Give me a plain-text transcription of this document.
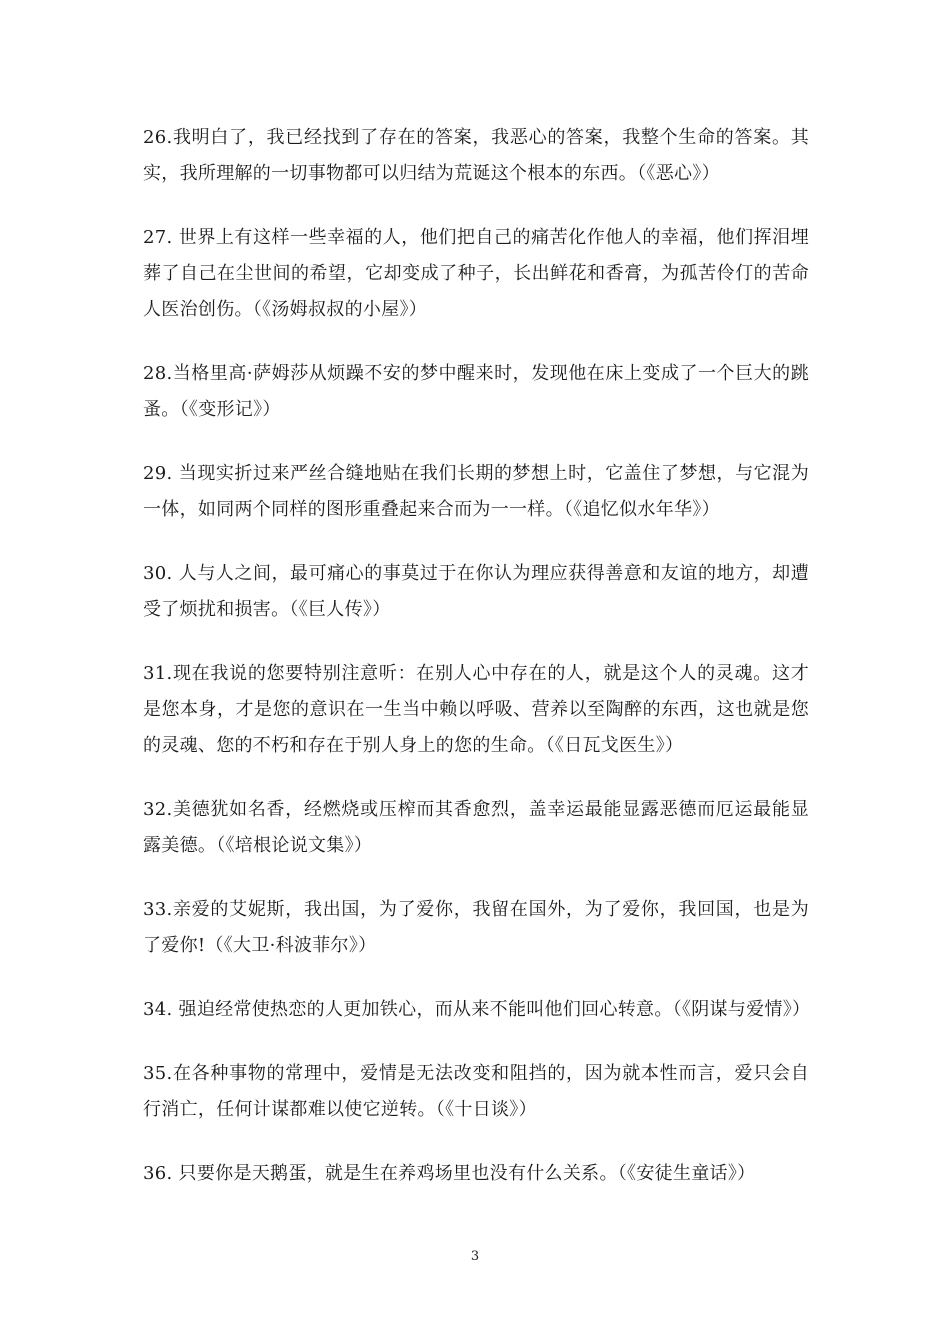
26.我明白了，我已经找到了存在的答案，我恶心的答案，我整个生命的答案。其实，我所理解的一切事物都可以归结为荒诞这个根本的东西。（《恶心》）

27. 世界上有这样一些幸福的人，他们把自己的痛苦化作他人的幸福，他们挥泪埋葬了自己在尘世间的希望，它却变成了种子，长出鲜花和香膏，为孤苦伶仃的苦命人医治创伤。（《汤姆叔叔的小屋》）

28.当格里高·萨姆莎从烦躁不安的梦中醒来时，发现他在床上变成了一个巨大的跳蚤。（《变形记》）

29. 当现实折过来严丝合缝地贴在我们长期的梦想上时，它盖住了梦想，与它混为一体，如同两个同样的图形重叠起来合而为一一样。（《追忆似水年华》）

30. 人与人之间，最可痛心的事莫过于在你认为理应获得善意和友谊的地方，却遭受了烦扰和损害。（《巨人传》）

31.现在我说的您要特别注意听：在别人心中存在的人，就是这个人的灵魂。这才是您本身，才是您的意识在一生当中赖以呼吸、营养以至陶醉的东西，这也就是您的灵魂、您的不朽和存在于别人身上的您的生命。（《日瓦戈医生》）

32.美德犹如名香，经燃烧或压榨而其香愈烈，盖幸运最能显露恶德而厄运最能显露美德。（《培根论说文集》）

33.亲爱的艾妮斯，我出国，为了爱你，我留在国外，为了爱你，我回国，也是为了爱你!（《大卫·科波菲尔》）

34. 强迫经常使热恋的人更加铁心，而从来不能叫他们回心转意。（《阴谋与爱情》）

35.在各种事物的常理中，爱情是无法改变和阻挡的，因为就本性而言，爱只会自行消亡，任何计谋都难以使它逆转。（《十日谈》）

36. 只要你是天鹅蛋，就是生在养鸡场里也没有什么关系。（《安徒生童话》）

3
